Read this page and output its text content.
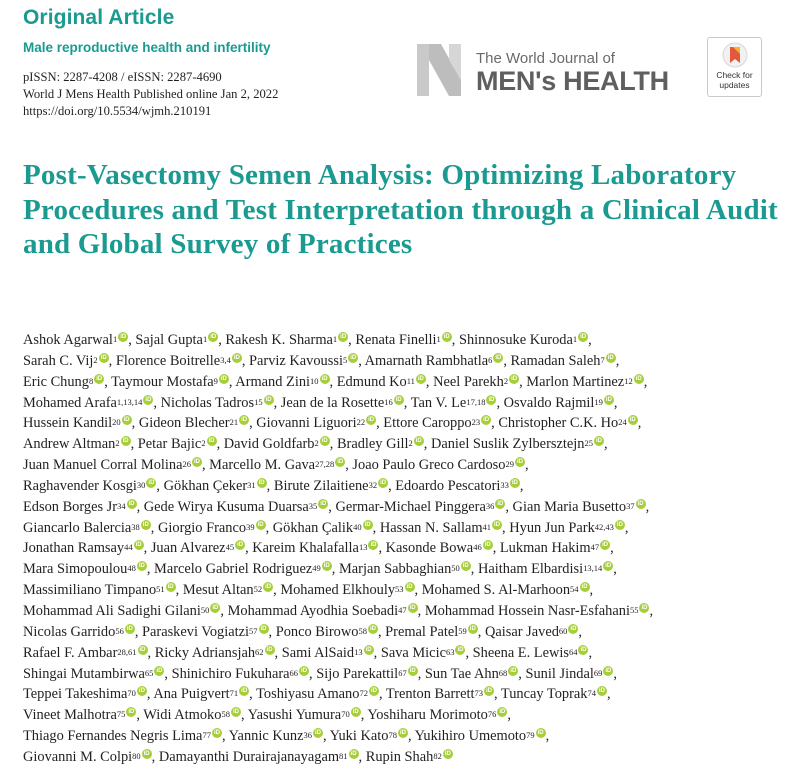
Original Article
Male reproductive health and infertility
pISSN: 2287-4208 / eISSN: 2287-4690
World J Mens Health Published online Jan 2, 2022
https://doi.org/10.5534/wjmh.210191
The World Journal of
MEN's HEALTH	Check for
updates
Post-Vasectomy Semen Analysis: Optimizing Laboratory Procedures and Test Interpretation through a Clinical Audit and Global Survey of Practices
Ashok Agarwal$^1$ iD , Sajal Gupta$^1$ iD , Rakesh K. Sharma$^1$ iD , Renata Finelli$^1$ iD , Shinnosuke Kuroda$^1$ iD ,
Sarah C. Vij$^2$ iD , Florence Boitrelle$^{3,4}$ iD , Parviz Kavoussi$^5$ iD , Amarnath Rambhatla$^6$ iD , Ramadan Saleh$^7$ iD ,
Eric Chung$^8$ iD , Taymour Mostafa$^9$ iD , Armand Zini$^{10}$ iD , Edmund Ko$^{11}$ iD , Neel Parekh$^2$ iD , Marlon Martinez$^{12}$ iD ,
Mohamed Arafa$^{1,13,14}$ iD , Nicholas Tadros$^{15}$ iD , Jean de la Rosette$^{16}$ iD , Tan V. Le$^{17,18}$ iD , Osvaldo Rajmil$^{19}$ iD ,
Hussein Kandil$^{20}$ iD , Gideon Blecher$^{21}$ iD , Giovanni Liguori$^{22}$ iD , Ettore Caroppo$^{23}$ iD , Christopher C.K. Ho$^{24}$ iD ,
Andrew Altman$^2$ iD , Petar Bajic$^2$ iD , David Goldfarb$^2$ iD , Bradley Gill$^2$ iD , Daniel Suslik Zylbersztejn$^{25}$ iD ,
Juan Manuel Corral Molina$^{26}$ iD , Marcello M. Gava$^{27,28}$ iD , Joao Paulo Greco Cardoso$^{29}$ iD ,
Raghavender Kosgi$^{30}$ iD , Gökhan Çeker$^{31}$ iD , Birute Zilaitiene$^{32}$ iD , Edoardo Pescatori$^{33}$ iD ,
Edson Borges Jr$^{34}$ iD , Gede Wirya Kusuma Duarsa$^{35}$ iD , Germar-Michael Pinggera$^{36}$ iD , Gian Maria Busetto$^{37}$ iD ,
Giancarlo Balercia$^{38}$ iD , Giorgio Franco$^{39}$ iD , Gökhan Çalik$^{40}$ iD , Hassan N. Sallam$^{41}$ iD , Hyun Jun Park$^{42,43}$ iD ,
Jonathan Ramsay$^{44}$ iD , Juan Alvarez$^{45}$ iD , Kareim Khalafalla$^{13}$ iD , Kasonde Bowa$^{46}$ iD , Lukman Hakim$^{47}$ iD ,
Mara Simopoulou$^{48}$ iD , Marcelo Gabriel Rodriguez$^{49}$ iD , Marjan Sabbaghian$^{50}$ iD , Haitham Elbardisi$^{13,14}$ iD ,
Massimiliano Timpano$^{51}$ iD , Mesut Altan$^{52}$ iD , Mohamed Elkhouly$^{53}$ iD , Mohamed S. Al-Marhoon$^{54}$ iD ,
Mohammad Ali Sadighi Gilani$^{50}$ iD , Mohammad Ayodhia Soebadi$^{47}$ iD , Mohammad Hossein Nasr-Esfahani$^{55}$ iD ,
Nicolas Garrido$^{56}$ iD , Paraskevi Vogiatzi$^{57}$ iD , Ponco Birowo$^{58}$ iD , Premal Patel$^{59}$ iD , Qaisar Javed$^{60}$ iD ,
Rafael F. Ambar$^{28,61}$ iD , Ricky Adriansjah$^{62}$ iD , Sami AlSaid$^{13}$ iD , Sava Micic$^{63}$ iD , Sheena E. Lewis$^{64}$ iD ,
Shingai Mutambirwa$^{65}$ iD , Shinichiro Fukuhara$^{66}$ iD , Sijo Parekattil$^{67}$ iD , Sun Tae Ahn$^{68}$ iD , Sunil Jindal$^{69}$ iD ,
Teppei Takeshima$^{70}$ iD , Ana Puigvert$^{71}$ iD , Toshiyasu Amano$^{72}$ iD , Trenton Barrett$^{73}$ iD , Tuncay Toprak$^{74}$ iD ,
Vineet Malhotra$^{75}$ iD , Widi Atmoko$^{58}$ iD , Yasushi Yumura$^{70}$ iD , Yoshiharu Morimoto$^{76}$ iD ,
Thiago Fernandes Negris Lima$^{77}$ iD , Yannic Kunz$^{36}$ iD , Yuki Kato$^{78}$ iD , Yukihiro Umemoto$^{79}$ iD ,
Giovanni M. Colpi$^{80}$ iD , Damayanthi Durairajanayagam$^{81}$ iD , Rupin Shah$^{82}$ iD
